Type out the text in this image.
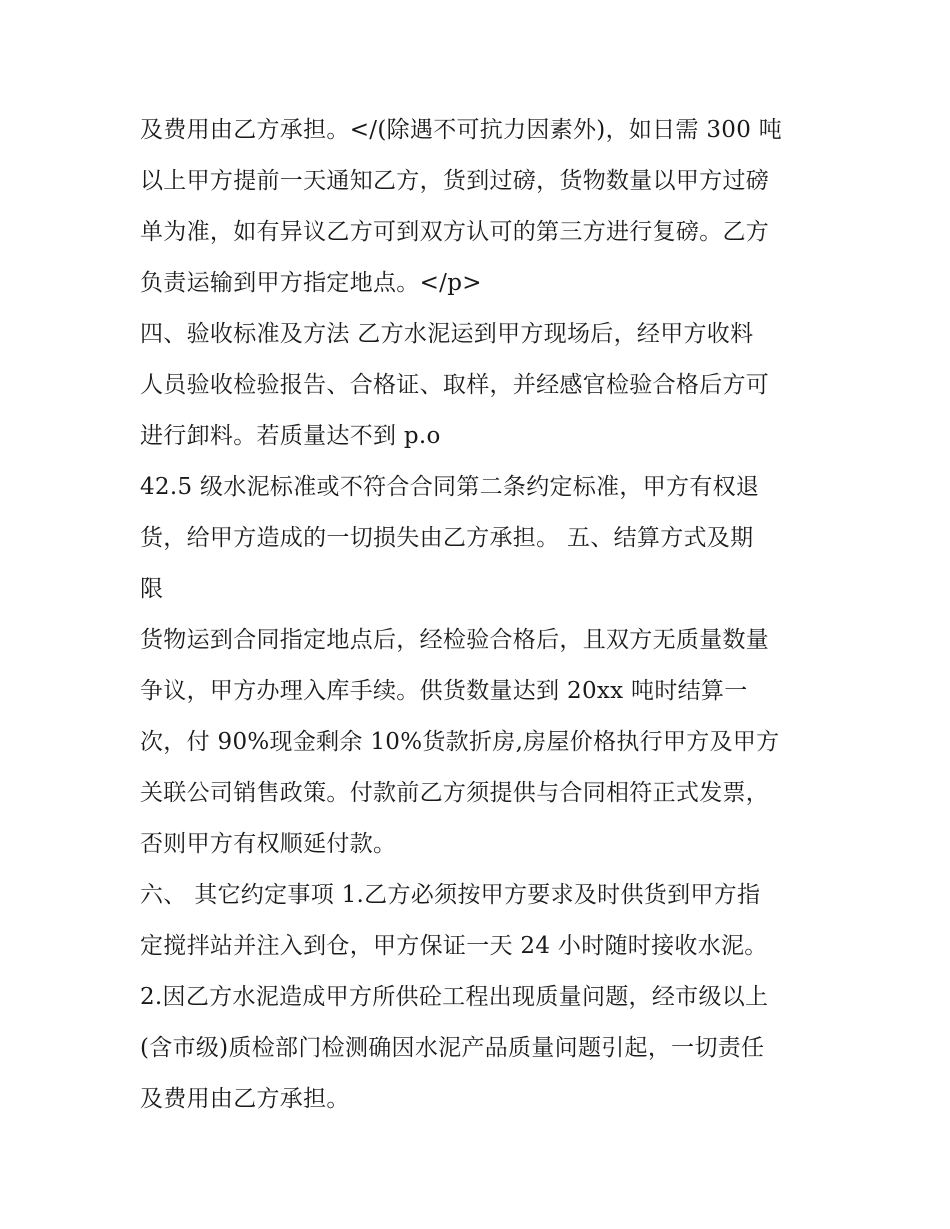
及费用由乙方承担。</(除遇不可抗力因素外)，如日需 300 吨
以上甲方提前一天通知乙方，货到过磅，货物数量以甲方过磅
单为准，如有异议乙方可到双方认可的第三方进行复磅。乙方
负责运输到甲方指定地点。</p>
四、验收标准及方法 乙方水泥运到甲方现场后，经甲方收料
人员验收检验报告、合格证、取样，并经感官检验合格后方可
进行卸料。若质量达不到 p.o
42.5 级水泥标准或不符合合同第二条约定标准，甲方有权退
货，给甲方造成的一切损失由乙方承担。 五、结算方式及期
限
货物运到合同指定地点后，经检验合格后，且双方无质量数量
争议，甲方办理入库手续。供货数量达到 20xx 吨时结算一
次，付 90%现金剩余 10%货款折房,房屋价格执行甲方及甲方
关联公司销售政策。付款前乙方须提供与合同相符正式发票，
否则甲方有权顺延付款。
六、 其它约定事项 1.乙方必须按甲方要求及时供货到甲方指
定搅拌站并注入到仓，甲方保证一天 24 小时随时接收水泥。
2.因乙方水泥造成甲方所供砼工程出现质量问题，经市级以上
(含市级)质检部门检测确因水泥产品质量问题引起，一切责任
及费用由乙方承担。
